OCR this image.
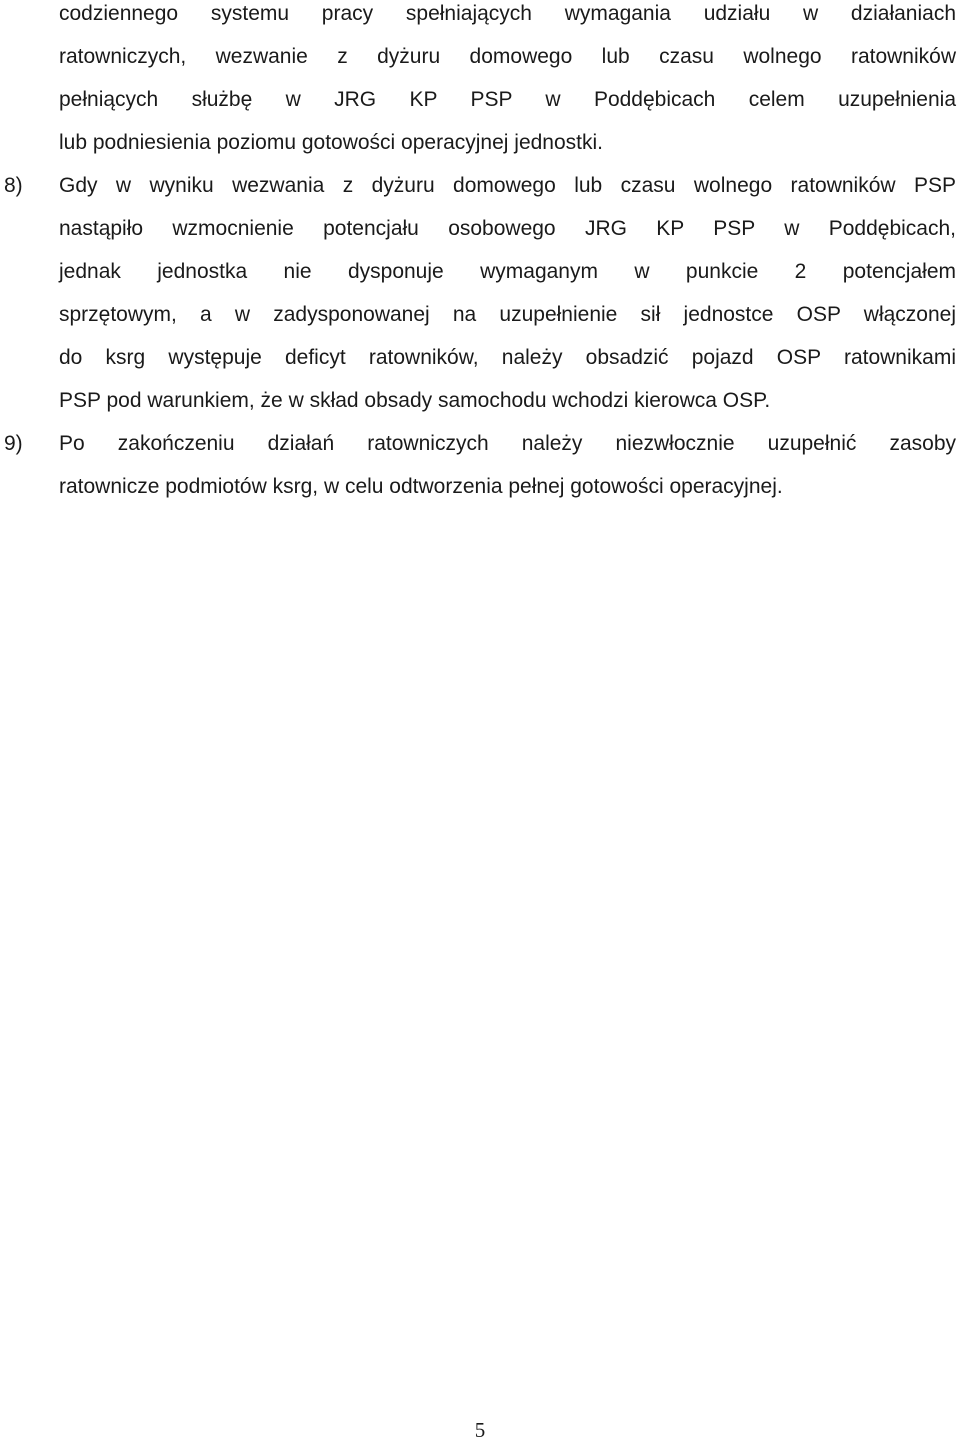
codziennego systemu pracy spełniających wymagania udziału w działaniach
ratowniczych, wezwanie z dyżuru domowego lub czasu wolnego ratowników
pełniących służbę w JRG KP PSP w Poddębicach celem uzupełnienia
lub podniesienia poziomu gotowości operacyjnej jednostki.
8) Gdy w wyniku wezwania z dyżuru domowego lub czasu wolnego ratowników PSP
nastąpiło wzmocnienie potencjału osobowego JRG KP PSP w Poddębicach,
jednak jednostka nie dysponuje wymaganym w punkcie 2 potencjałem
sprzętowym, a w zadysponowanej na uzupełnienie sił jednostce OSP włączonej
do ksrg występuje deficyt ratowników, należy obsadzić pojazd OSP ratownikami
PSP pod warunkiem, że w skład obsady samochodu wchodzi kierowca OSP.
9) Po zakończeniu działań ratowniczych należy niezwłocznie uzupełnić zasoby
ratownicze podmiotów ksrg, w celu odtworzenia pełnej gotowości operacyjnej.
5
